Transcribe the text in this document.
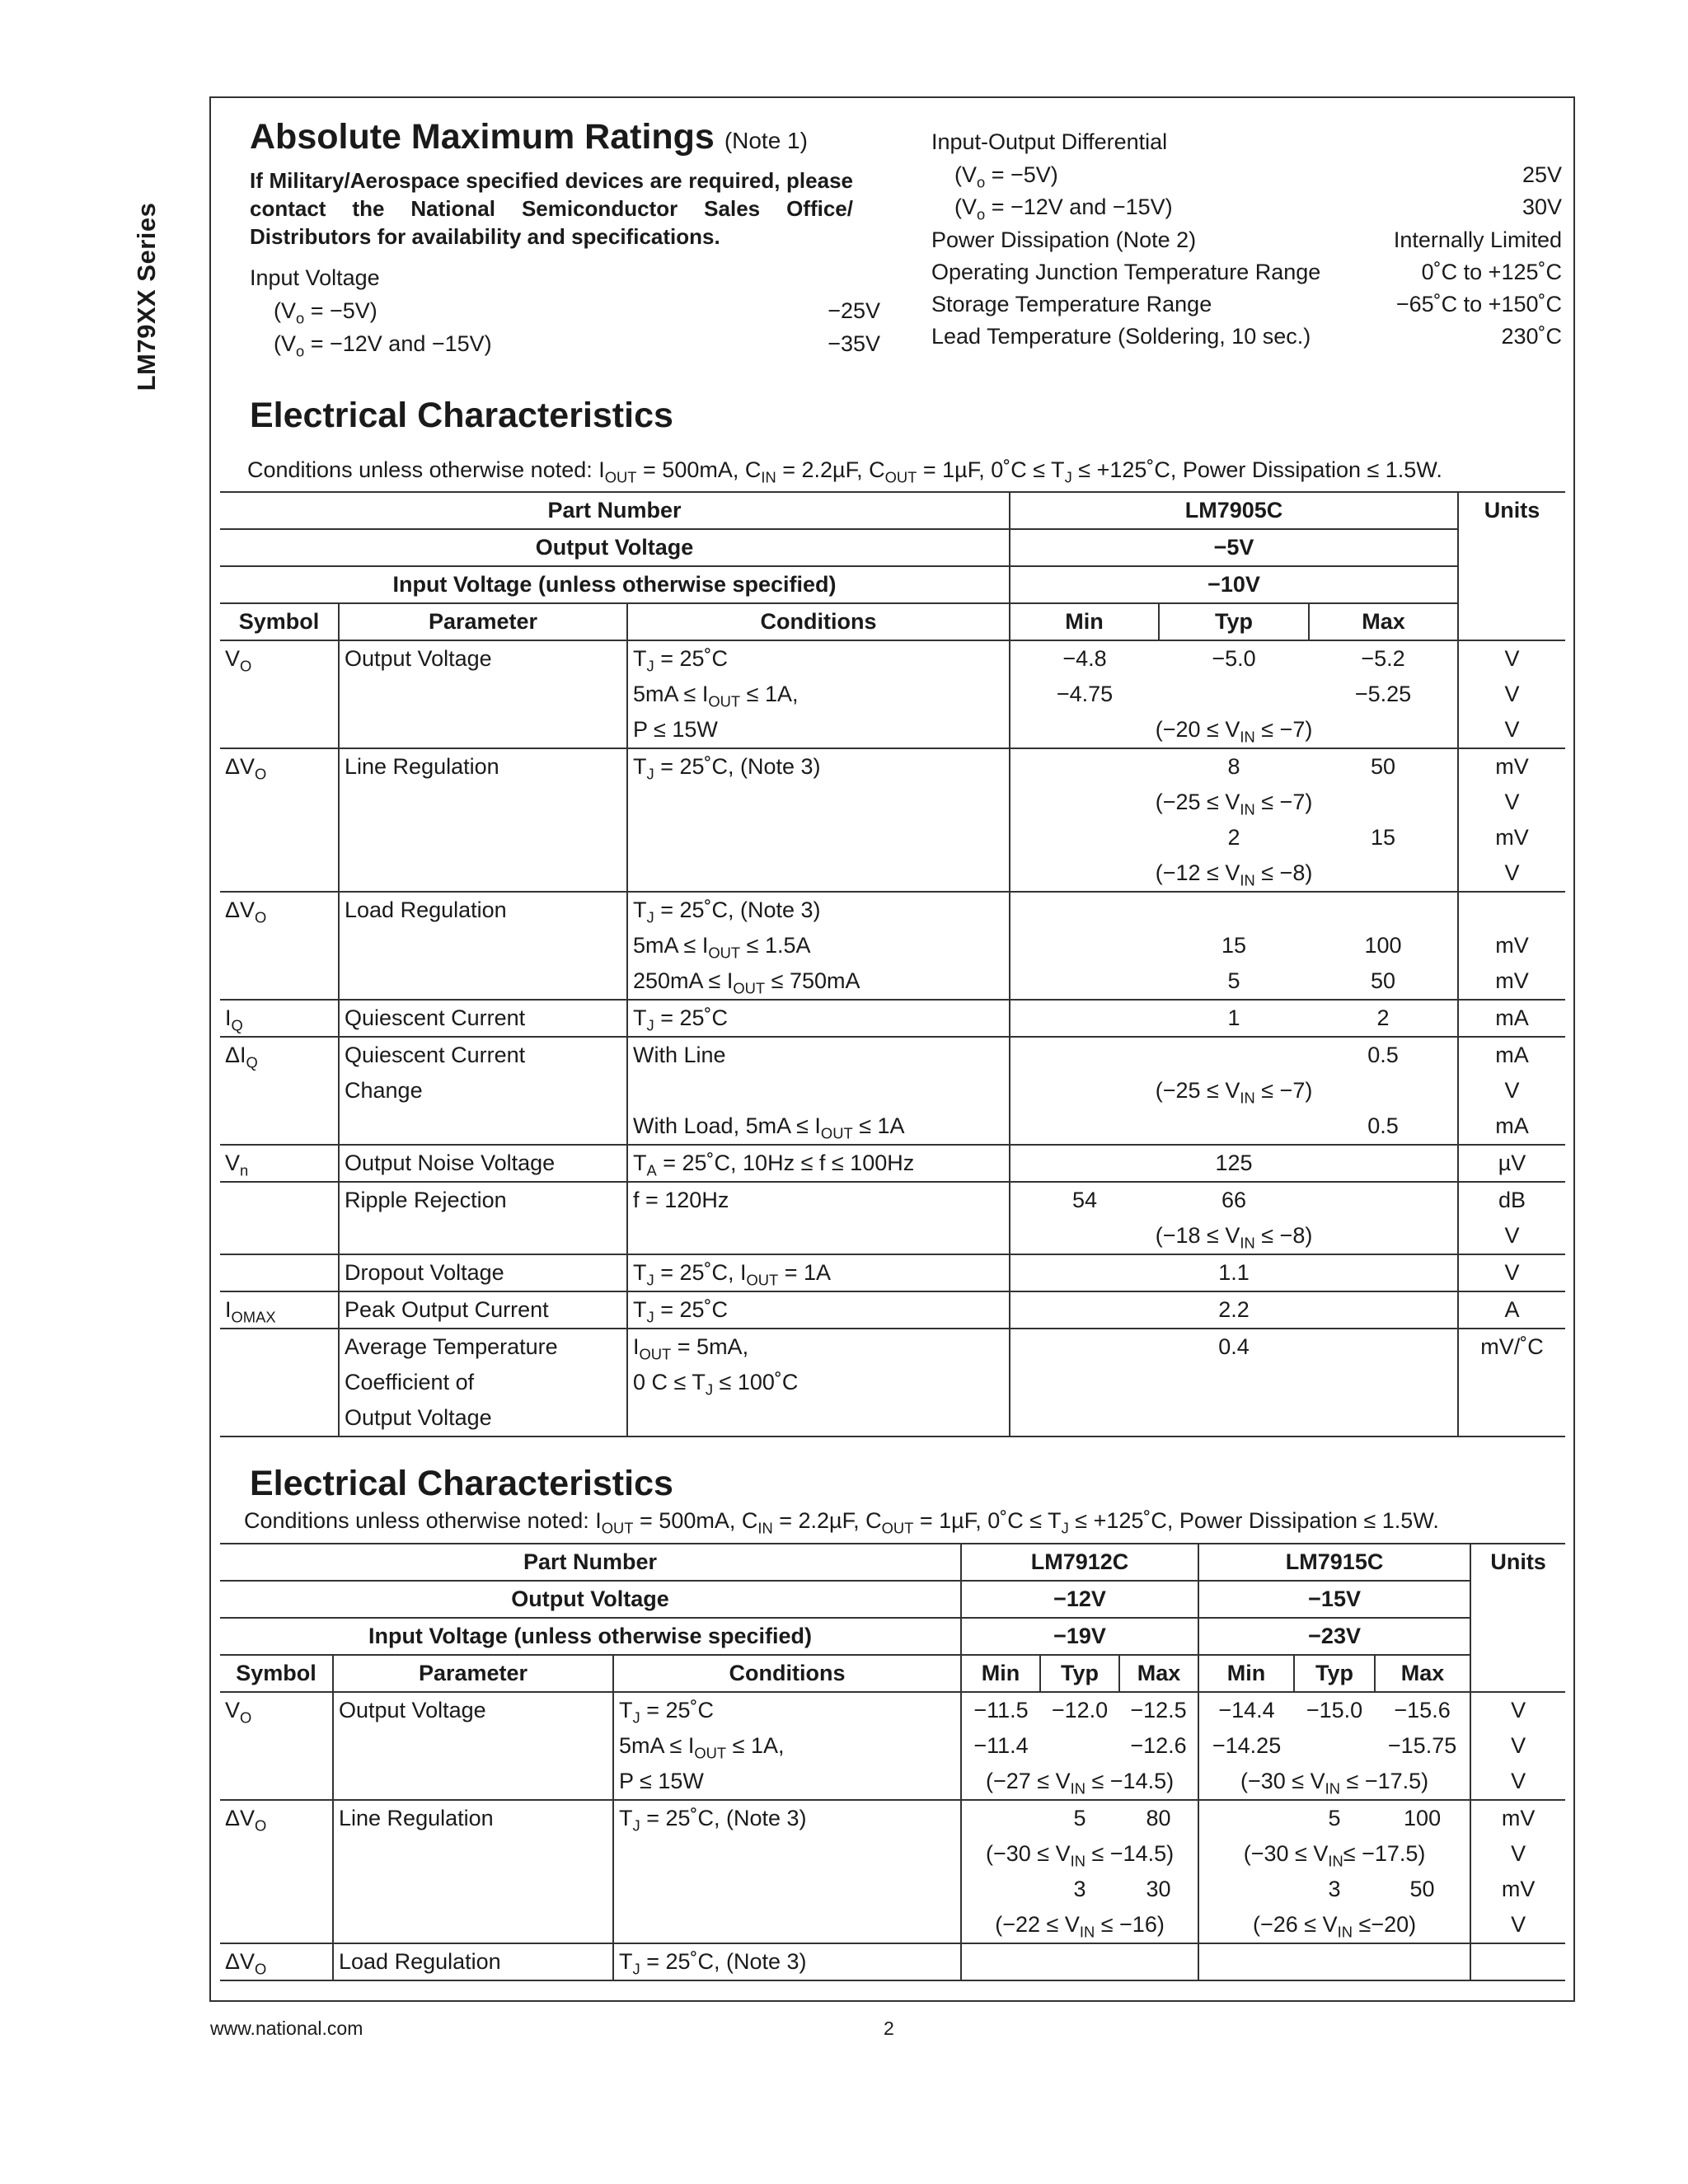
LM79XX Series
Absolute Maximum Ratings (Note 1)
If Military/Aerospace specified devices are required, please contact the National Semiconductor Sales Office/ Distributors for availability and specifications.
Input Voltage
$(V_o = -5V)$	−25V
($V_o = -12V$ and −15V)	−35V
Input-Output Differential
$(V_o = -5V)$	25V
($V_o = -12V$ and −15V)	30V
Power Dissipation (Note 2)	Internally Limited
Operating Junction Temperature Range	0˚C to +125˚C
Storage Temperature Range	−65˚C to +150˚C
Lead Temperature (Soldering, 10 sec.)	230˚C
Electrical Characteristics
Conditions unless otherwise noted: $I_{OUT} = 500mA$, $C_{IN} = 2.2\mu F$, $C_{OUT} = 1\mu F$, 0˚C ≤ $T_J$ ≤ +125˚C, Power Dissipation ≤ 1.5W.
Part Number			LM7905C			Units
Output Voltage			−5V			
Input Voltage (unless otherwise specified)			−10V			
Symbol	Parameter	Conditions	Min	Typ	Max	
$V_O$	Output Voltage	$T_J$ = 25˚C	−4.8	−5.0	−5.2	V
		$5mA \le I_{OUT} \le 1A$,	−4.75		−5.25	V
		P ≤ 15W	$(-20 \le V_{IN} \le -7)$			V
$\Delta V_O$	Line Regulation	$T_J$ = 25˚C, (Note 3)		8	50	mV
			$(-25 \le V_{IN} \le -7)$			V
				2	15	mV
			$(-12 \le V_{IN} \le -8)$			V
$\Delta V_O$	Load Regulation	$T_J$ = 25˚C, (Note 3)				
		$5mA \le I_{OUT} \le 1.5A$		15	100	mV
		$250mA \le I_{OUT} \le 750mA$		5	50	mV
$I_Q$	Quiescent Current	$T_J$ = 25˚C		1	2	mA
$\Delta I_Q$	Quiescent Current	With Line			0.5	mA
	Change		$(-25 \le V_{IN} \le -7)$			V
		With Load, $5mA \le I_{OUT} \le 1A$			0.5	mA
$V_n$	Output Noise Voltage	$T_A$ = 25˚C, 10Hz ≤ f ≤ 100Hz	125			µV
	Ripple Rejection	f = 120Hz	54	66		dB
			$(-18 \le V_{IN} \le -8)$			V
	Dropout Voltage	$T_J$ = 25˚C, $I_{OUT} = 1A$	1.1			V
$I_{OMAX}$	Peak Output Current	$T_J$ = 25˚C	2.2			A
	Average Temperature	$I_{OUT} = 5mA$,	0.4			mV/˚C
	Coefficient of	0 $C \le T_J$ ≤ 100˚C				
	Output Voltage					
Electrical Characteristics
Conditions unless otherwise noted: $I_{OUT} = 500mA$, $C_{IN} = 2.2\mu F$, $C_{OUT} = 1\mu F$, 0˚C ≤ $T_J$ ≤ +125˚C, Power Dissipation ≤ 1.5W.
Part Number			LM7912C			LM7915C			Units
Output Voltage			−12V			−15V			
Input Voltage (unless otherwise specified)			−19V			−23V			
Symbol	Parameter	Conditions	Min	Typ	Max	Min	Typ	Max	
$V_O$	Output Voltage	$T_J$ = 25˚C	−11.5	−12.0	−12.5	−14.4	−15.0	−15.6	V
		$5mA \le I_{OUT} \le 1A$,	−11.4		−12.6	−14.25		−15.75	V
		P ≤ 15W	$(-27 \le V_{IN} \le -14.5)$			$(-30 \le V_{IN} \le -17.5)$			V
$\Delta V_O$	Line Regulation	$T_J$ = 25˚C, (Note 3)		5	80		5	100	mV
			$(-30 \le V_{IN} \le -14.5)$			$(-30 \le V_{IN}\le -17.5)$			V
				3	30		3	50	mV
			$(-22 \le V_{IN} \le -16)$			$(-26 \le V_{IN} \le-20)$			V
$\Delta V_O$	Load Regulation	$T_J$ = 25˚C, (Note 3)							
www.national.com	2
